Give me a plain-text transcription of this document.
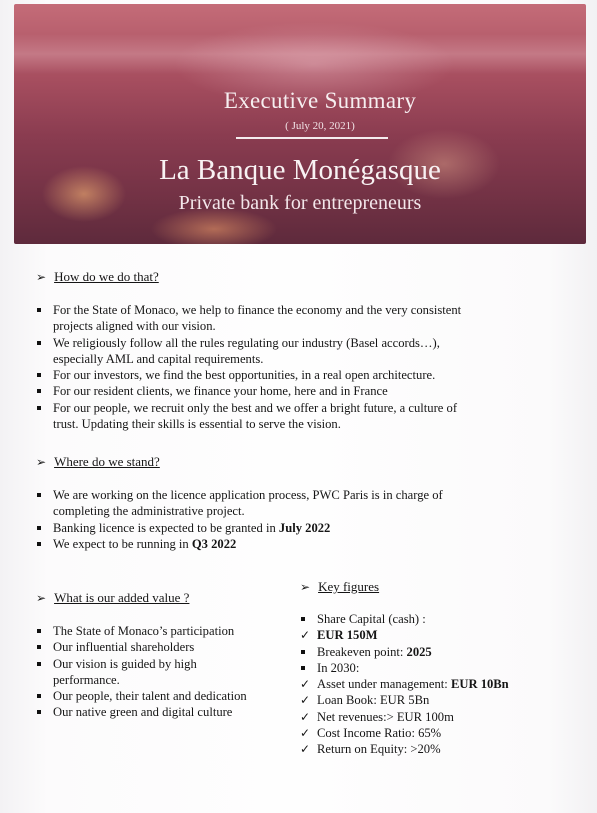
Executive Summary
( July 20, 2021)
La Banque Monégasque
Private bank for entrepreneurs
➢ How do we do that?
For the State of Monaco, we help to finance the economy and the very consistent
projects aligned with our vision.
We religiously follow all the rules regulating our industry (Basel accords…),
especially AML and capital requirements.
For our investors, we find the best opportunities, in a real open architecture.
For our resident clients, we finance your home, here and in France
For our people, we recruit only the best and we offer a bright future, a culture of
trust. Updating their skills is essential to serve the vision.
➢ Where do we stand?
We are working on the licence application process, PWC Paris is in charge of
completing the administrative project.
Banking licence is expected to be granted in July 2022
We expect to be running in Q3 2022
➢ What is our added value ?
The State of Monaco’s participation
Our influential shareholders
Our vision is guided by high
performance.
Our people, their talent and dedication
Our native green and digital culture
➢ Key figures
Share Capital (cash) :
✓ EUR 150M
Breakeven point: 2025
In 2030:
✓ Asset under management: EUR 10Bn
✓ Loan Book: EUR 5Bn
✓ Net revenues:> EUR 100m
✓ Cost Income Ratio: 65%
✓ Return on Equity: >20%
